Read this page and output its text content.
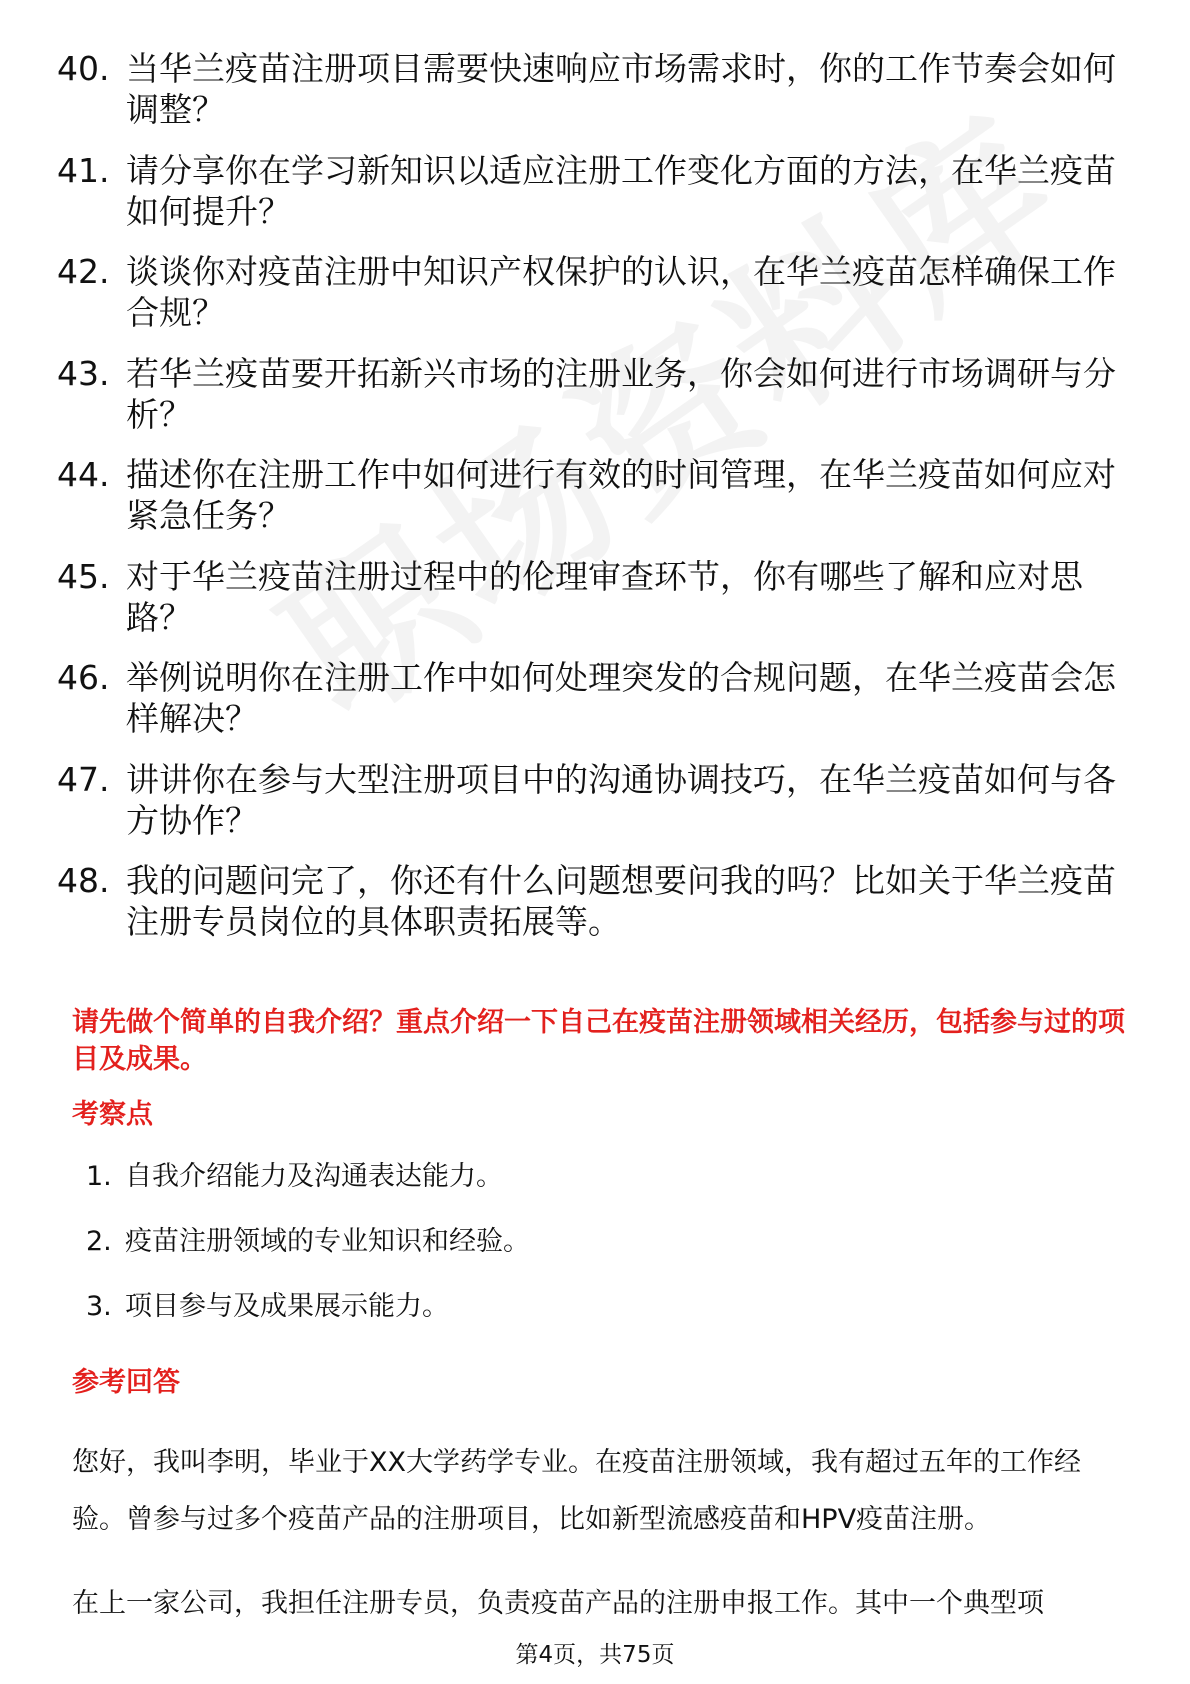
40. 当华兰疫苗注册项目需要快速响应市场需求时，你的工作节奏会如何调整？
41. 请分享你在学习新知识以适应注册工作变化方面的方法，在华兰疫苗如何提升？
42. 谈谈你对疫苗注册中知识产权保护的认识，在华兰疫苗怎样确保工作合规？
43. 若华兰疫苗要开拓新兴市场的注册业务，你会如何进行市场调研与分析？
44. 描述你在注册工作中如何进行有效的时间管理，在华兰疫苗如何应对紧急任务？
45. 对于华兰疫苗注册过程中的伦理审查环节，你有哪些了解和应对思路？
46. 举例说明你在注册工作中如何处理突发的合规问题，在华兰疫苗会怎样解决？
47. 讲讲你在参与大型注册项目中的沟通协调技巧，在华兰疫苗如何与各方协作？
48. 我的问题问完了，你还有什么问题想要问我的吗？比如关于华兰疫苗注册专员岗位的具体职责拓展等。
请先做个简单的自我介绍？重点介绍一下自己在疫苗注册领域相关经历，包括参与过的项目及成果。
考察点
1. 自我介绍能力及沟通表达能力。
2. 疫苗注册领域的专业知识和经验。
3. 项目参与及成果展示能力。
参考回答
您好，我叫李明，毕业于XX大学药学专业。在疫苗注册领域，我有超过五年的工作经验。曾参与过多个疫苗产品的注册项目，比如新型流感疫苗和HPV疫苗注册。
在上一家公司，我担任注册专员，负责疫苗产品的注册申报工作。其中一个典型项
第4页，共75页
